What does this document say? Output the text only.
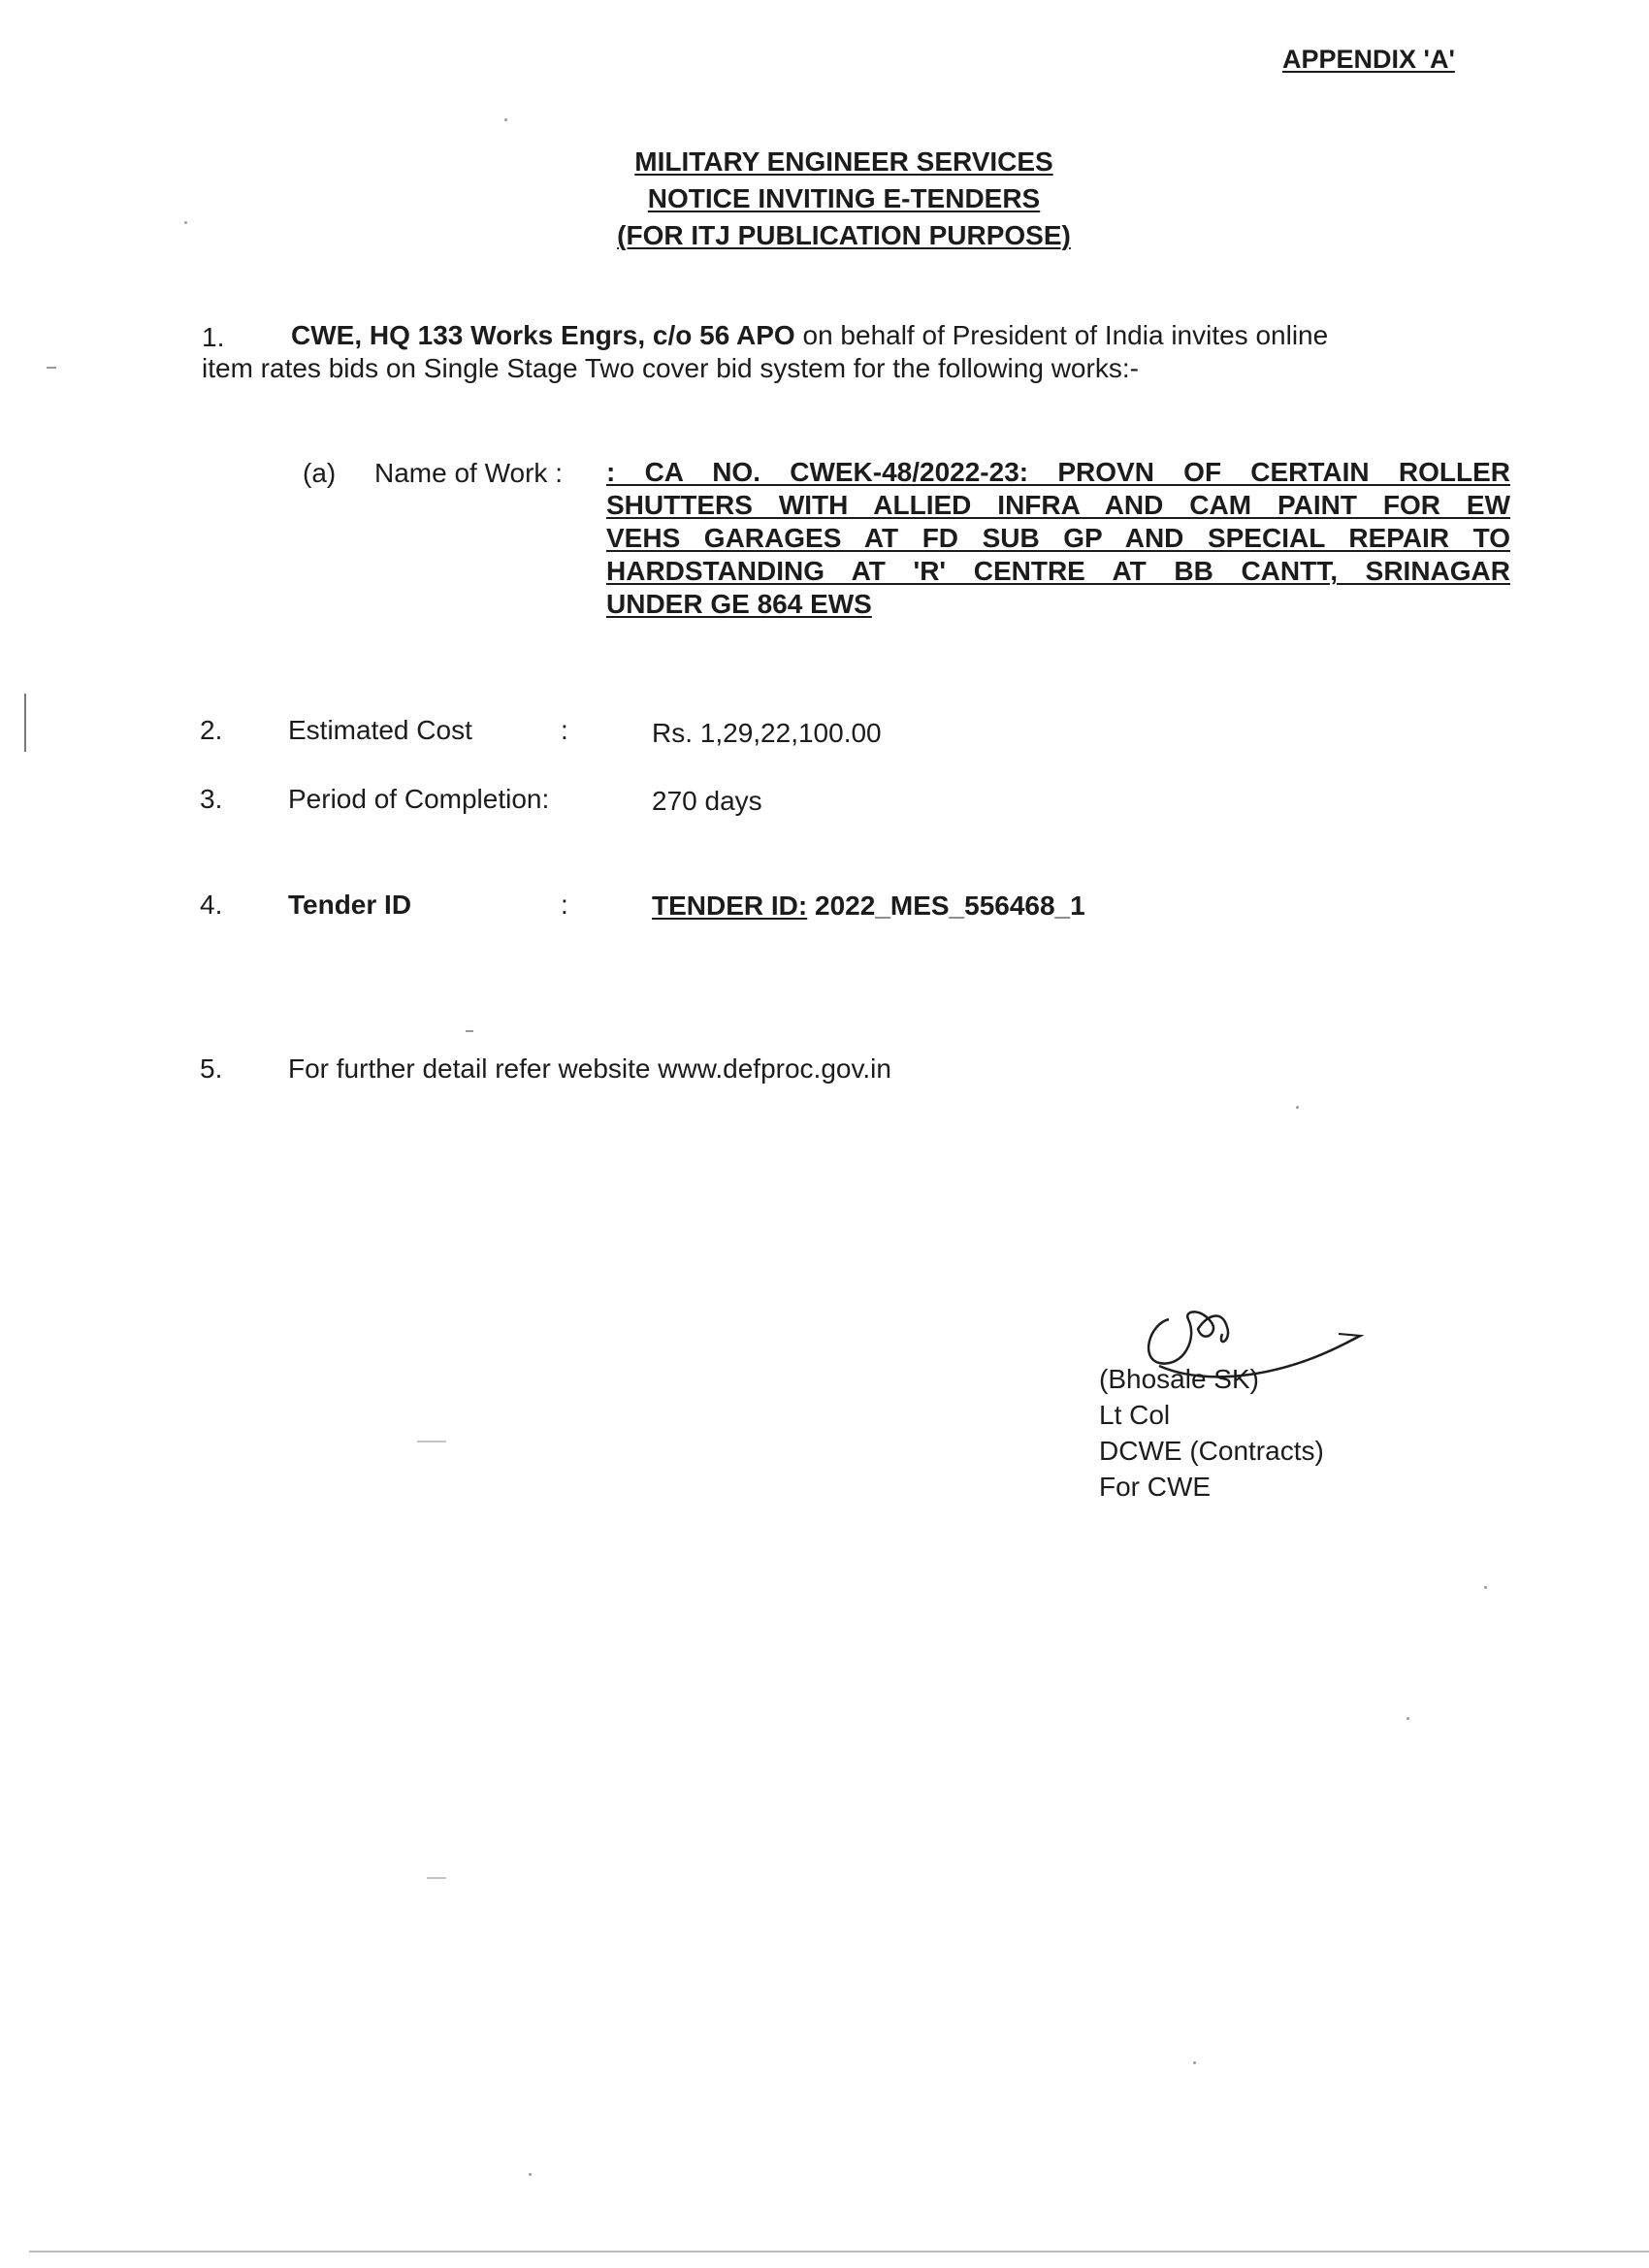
APPENDIX 'A'
MILITARY ENGINEER SERVICES
NOTICE INVITING E-TENDERS
(FOR ITJ PUBLICATION PURPOSE)
1. CWE, HQ 133 Works Engrs, c/o 56 APO on behalf of President of India invites online
item rates bids on Single Stage Two cover bid system for the following works:-
(a) Name of Work : : CA NO. CWEK-48/2022-23: PROVN OF CERTAIN ROLLER
SHUTTERS WITH ALLIED INFRA AND CAM PAINT FOR EW
VEHS GARAGES AT FD SUB GP AND SPECIAL REPAIR TO
HARDSTANDING AT 'R' CENTRE AT BB CANTT, SRINAGAR
UNDER GE 864 EWS
2. Estimated Cost	:	Rs. 1,29,22,100.00
3. Period of Completion:	270 days
4. Tender ID	:	TENDER ID: 2022_MES_556468_1
5. For further detail refer website www.defproc.gov.in
(Bhosale SK)
Lt Col
DCWE (Contracts)
For CWE
